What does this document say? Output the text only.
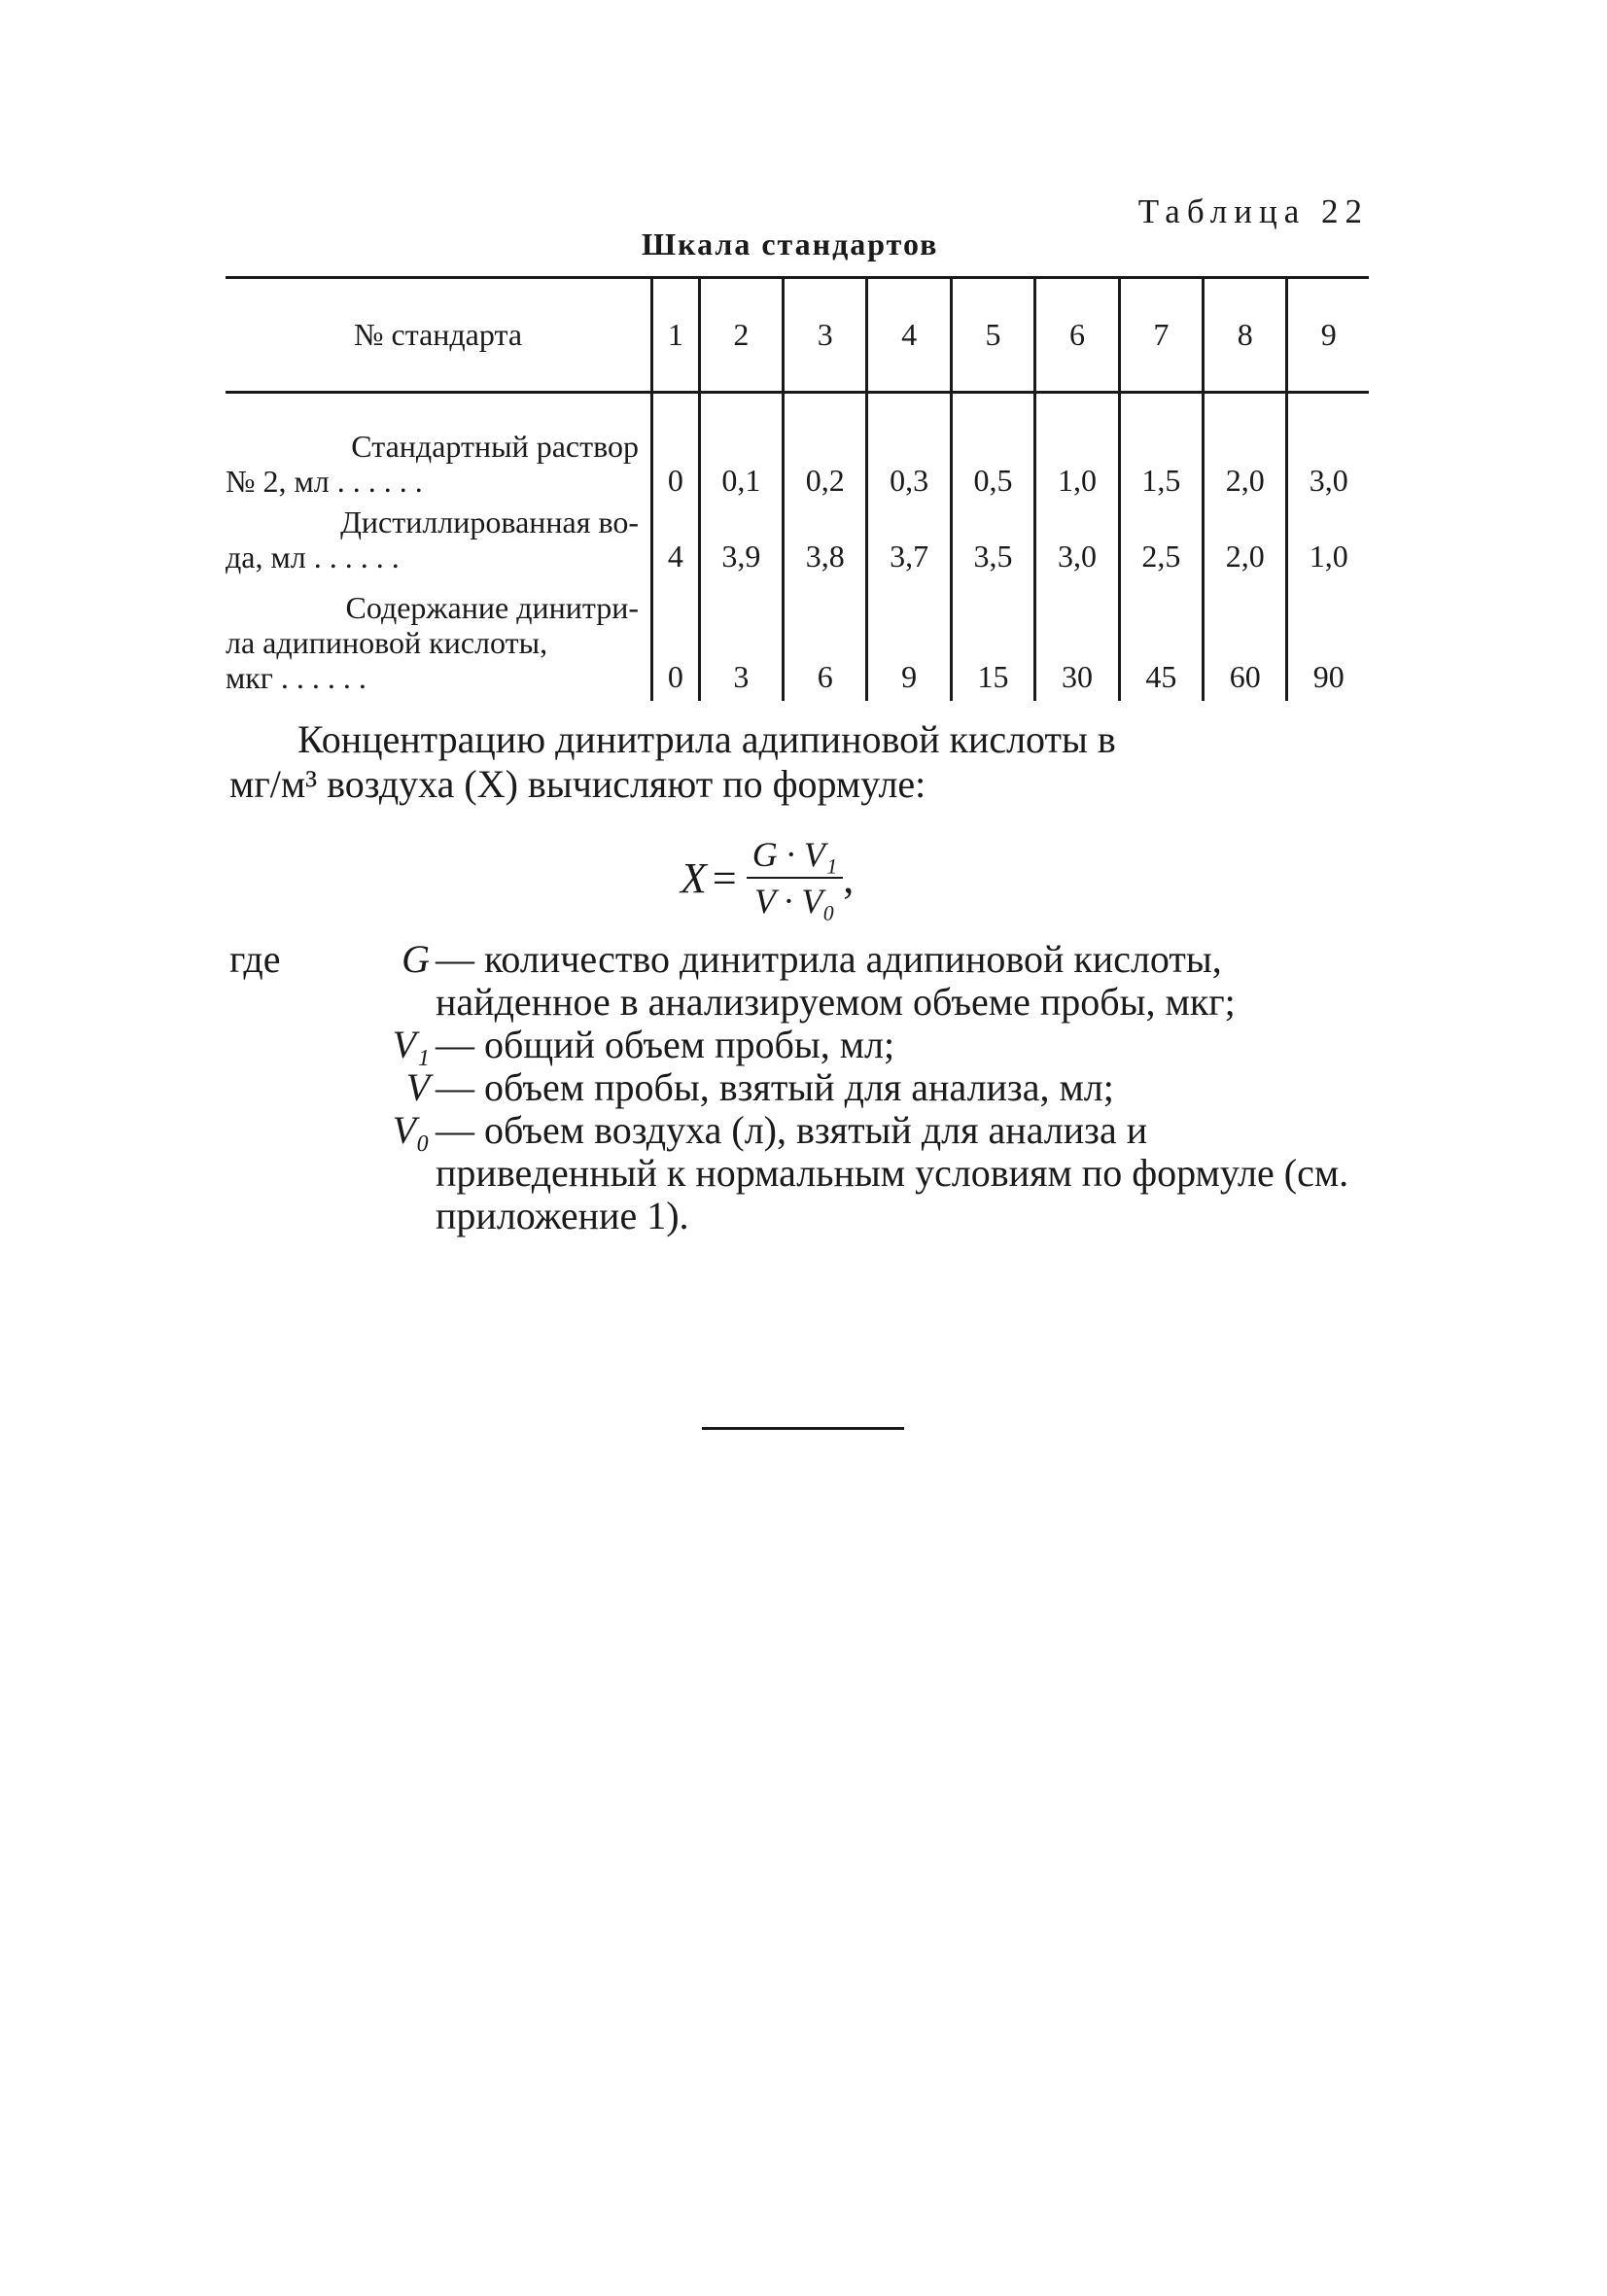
Таблица 22
Шкала стандартов
№ стандарта	1	2	3	4	5	6	7	8	9

Стандартный раствор
№ 2, мл . . . . . .	0	0,1	0,2	0,3	0,5	1,0	1,5	2,0	3,0

Дистиллированная во-
да, мл . . . . . .	4	3,9	3,8	3,7	3,5	3,0	2,5	2,0	1,0

Содержание динитри-
ла адипиновой кислоты,
мкг . . . . . .	0	3	6	9	15	30	45	60	90
Концентрацию динитрила адипиновой кислоты в
мг/м³ воздуха (X) вычисляют по формуле:
$X = \frac{\text{G · V₁}}{\text{V · V₀}}$ ,
где	G — количество динитрила адипиновой кислоты, найденное в анализируемом объеме пробы, мкг;
V₁ — общий объем пробы, мл;
V — объем пробы, взятый для анализа, мл;
V₀ — объем воздуха (л), взятый для анализа и приведенный к нормальным условиям по формуле (см. приложение 1).
